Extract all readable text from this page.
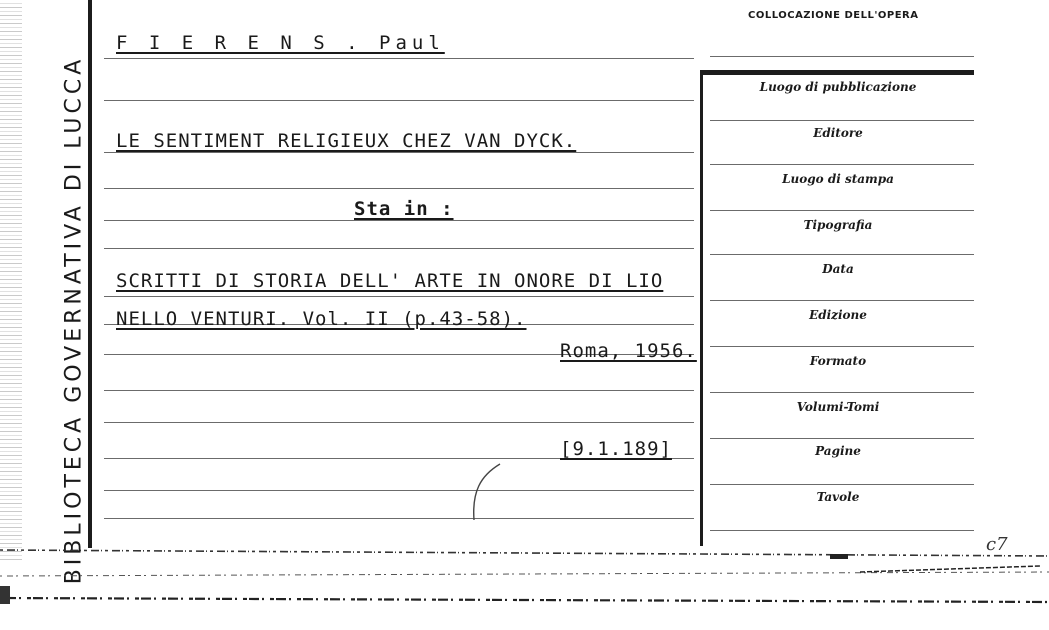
BIBLIOTECA GOVERNATIVA DI LUCCA
COLLOCAZIONE DELL'OPERA
F I E R E N S . Paul
LE SENTIMENT RELIGIEUX CHEZ VAN DYCK.
Sta in :
SCRITTI DI STORIA DELL' ARTE IN ONORE DI LIO
NELLO VENTURI. Vol. II (p.43-58).
Roma, 1956.
[9.1.189]
Luogo di pubblicazione
Editore
Luogo di stampa
Tipografia
Data
Edizione
Formato
Volumi-Tomi
Pagine
Tavole
c7
